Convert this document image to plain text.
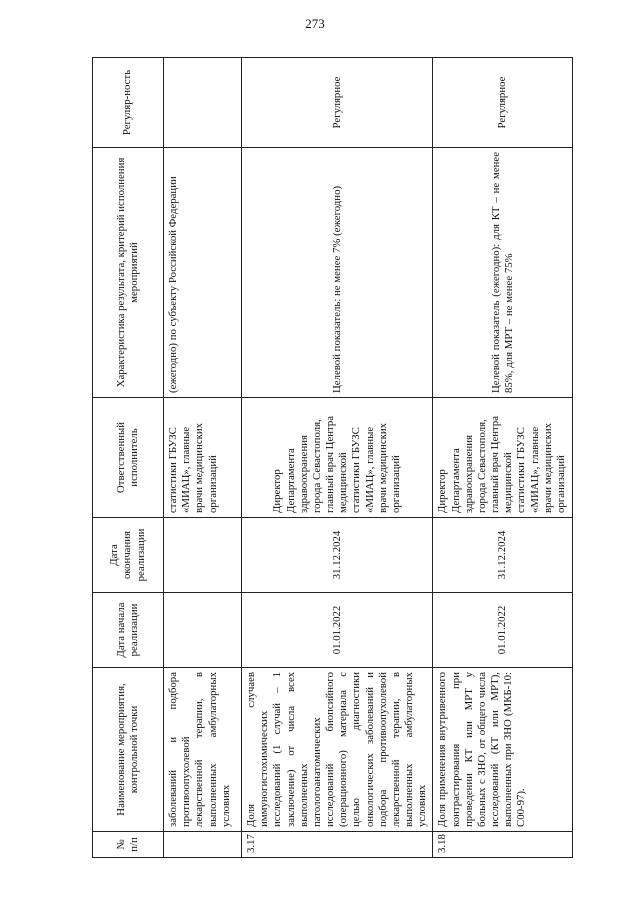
273
№ п/п	Наименование мероприятия, контрольной точки	Дата начала реализации	Дата окончания реализации	Ответственный исполнитель	Характеристика результата, критерий исполнения мероприятий	Регуляр-ность
	заболеваний и подбора противоопухолевой лекарственной терапии, в выполненных амбулаторных условиях			статистики ГБУЗС «МИАЦ», главные врачи медицинских организаций	(ежегодно) по субъекту Российской Федерации	
3.17	Доля случаев иммуногистохимических исследований (1 случай – 1 заключение) от числа всех выполненных патологоанатомических исследований биопсийного (операционного) материала с целью диагностики онкологических заболеваний и подбора противоопухолевой лекарственной терапии, в выполненных амбулаторных условиях	01.01.2022	31.12.2024	Директор Департамента здравоохранения города Севастополя, главный врач Центра медицинской статистики ГБУЗС «МИАЦ», главные врачи медицинских организаций	Целевой показатель: не менее 7% (ежегодно)	Регулярное
3.18	Доля применения внутривенного контрастирования при проведении КТ или МРТ у больных с ЗНО, от общего числа исследований (КТ или МРТ), выполненных при ЗНО (МКБ-10: С00-97).	01.01.2022	31.12.2024	Директор Департамента здравоохранения города Севастополя, главный врач Центра медицинской статистики ГБУЗС «МИАЦ», главные врачи медицинских организаций	Целевой показатель (ежегодно): для КТ – не менее 85%, для МРТ – не менее 75%	Регулярное
